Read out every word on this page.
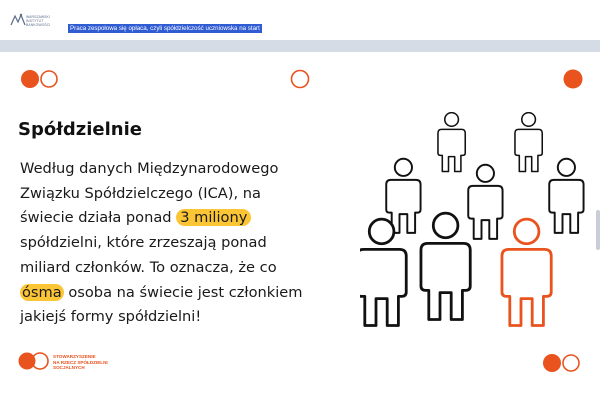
WARSZAWSKI
INSTYTUT
BANKOWOŚCI	Praca zespołowa się opłaca, czyli spółdzielczość uczniowska na start
Spółdzielnie
Według danych Międzynarodowego
Związku Spółdzielczego (ICA), na
świecie działa ponad 3 miliony
spółdzielni, które zrzeszają ponad
miliard członków. To oznacza, że co
ósma osoba na świecie jest członkiem
jakiejś formy spółdzielni!
STOWARZYSZENIE
NA RZECZ SPÓŁDZIELNI
SOCJALNYCH
